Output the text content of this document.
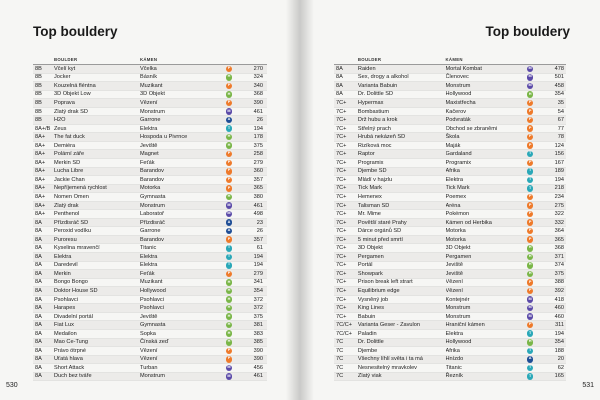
Top bouldery
BOULDER	KÁMEN
8B	Včelí kyt	Včelka	P	270
8B	Jocker	Básník	H	324
8B	Kouzelná fléntna	Muzikant	P	340
8B	3D Objekt Low	3D Objekt	H	368
8B	Poprava	Vězení	P	390
8B	Zlatý drak SD	Monstrum	M	461
8B	H2O	Garrone	A	26
8A+/B Zeus	Elektra	T	194
8A+	The fat duck	Hospoda u Pivrnce	H	178
8A+	Demiéra	Jeviště	H	375
8A+	Polární záře	Magnet	P	258
8A+	Merkin SD	Feťák	P	279
8A+	Lucha Libre	Barandov	P	360
8A+	Jackie Chan	Barandov	P	357
8A+	Nepříjemená rychlost	Motorka	P	365
8A+	Nomen Omen	Gymnasta	H	380
8A+	Zlatý drak	Monstrum	M	461
8A+	Penthenol	Laboratoř	M	498
8A	Přízdisráč SD	Přízdisráč	A	23
8A	Peroxid vodíku	Garrone	A	26
8A	Puroresu	Barandov	P	357
8A	Kyselina mravenčí	Titanic	T	61
8A	Elektra	Elektra	T	194
8A	Daredevil	Elektra	T	194
8A	Merkin	Feťák	P	279
8A	Bongo Bongo	Muzikant	H	341
8A	Doktor House SD	Hollywood	H	354
8A	Psohlavci	Psohlavci	H	372
8A	Harapes	Psohlavci	H	372
8A	Divadelní portál	Jeviště	H	375
8A	Fiat Lux	Gymnasta	H	381
8A	Medailon	Sopka	H	383
8A	Mao Ce-Tung	Čínská zeď	H	385
8A	Právo ötrpné	Vězení	P	390
8A	Uťatá hlava	Vězení	P	390
8A	Short Attack	Turban	M	456
8A	Duch bez tváře	Monstrum	M	461
530
Top bouldery
BOULDER	KÁMEN
8A	Raiden	Mortal Kombat	M	478
8A	Sex, drogy a alkohol	Členovec	M	501
8A	Varianta Babuin	Monstrum	M	458
8A	Dr. Dolittle SD	Hollywood	H	354
7C+	Hypermax	Maxistřecha	P	35
7C+	Bombastium	Kačerov	P	54
7C+	Drž hubu a krok	Podvraták	P	67
7C+	Střelný prach	Obchod se zbraněmi	P	77
7C+	Hrubá nekázeň SD	Škola	P	78
7C+	Rizíková moc	Maják	P	124
7C+	Raptor	Gardaland	T	156
7C+	Programix	Programix	P	167
7C+	Djembe SD	Afrika	T	189
7C+	Mládí v hajzlu	Elektra	T	194
7C+	Tick Mark	Tick Mark	T	218
7C+	Hemenex	Poemex	P	234
7C+	Talisman SD	Aréna	P	275
7C+	Mr. Mime	Pokémon	P	322
7C+	Povětší staré Prahy	Kámen od Herbika	P	332
7C+	Dárce orgánů SD	Motorka	P	364
7C+	5 minut před smrtí	Motorka	P	365
7C+	3D Objekt	3D Objekt	H	368
7C+	Pergamen	Pergamen	H	371
7C+	Portál	Jeviště	H	374
7C+	Showpark	Jeviště	H	375
7C+	Prison break left strart	Vězení	P	388
7C+	Equilibrium edge	Vězení	P	392
7C+	Vysněný job	Kontejnér	M	418
7C+	King Lines	Monstrum	M	460
7C+	Babuin	Monstrum	M	460
7C/C+	Varianta Geser - Zavulon	Hraniční kámen	P	311
7C/C+	Paladin	Elektra	T	194
7C	Dr. Dolittle	Hollywood	H	354
7C	Djembe	Afrika	T	188
7C	Všechny líhlí světa i ta má	Hnízdo	A	20
7C	Nesnesitelný mravkolev	Titanic	T	62
7C	Zlatý viak	Řezník	T	165
531
